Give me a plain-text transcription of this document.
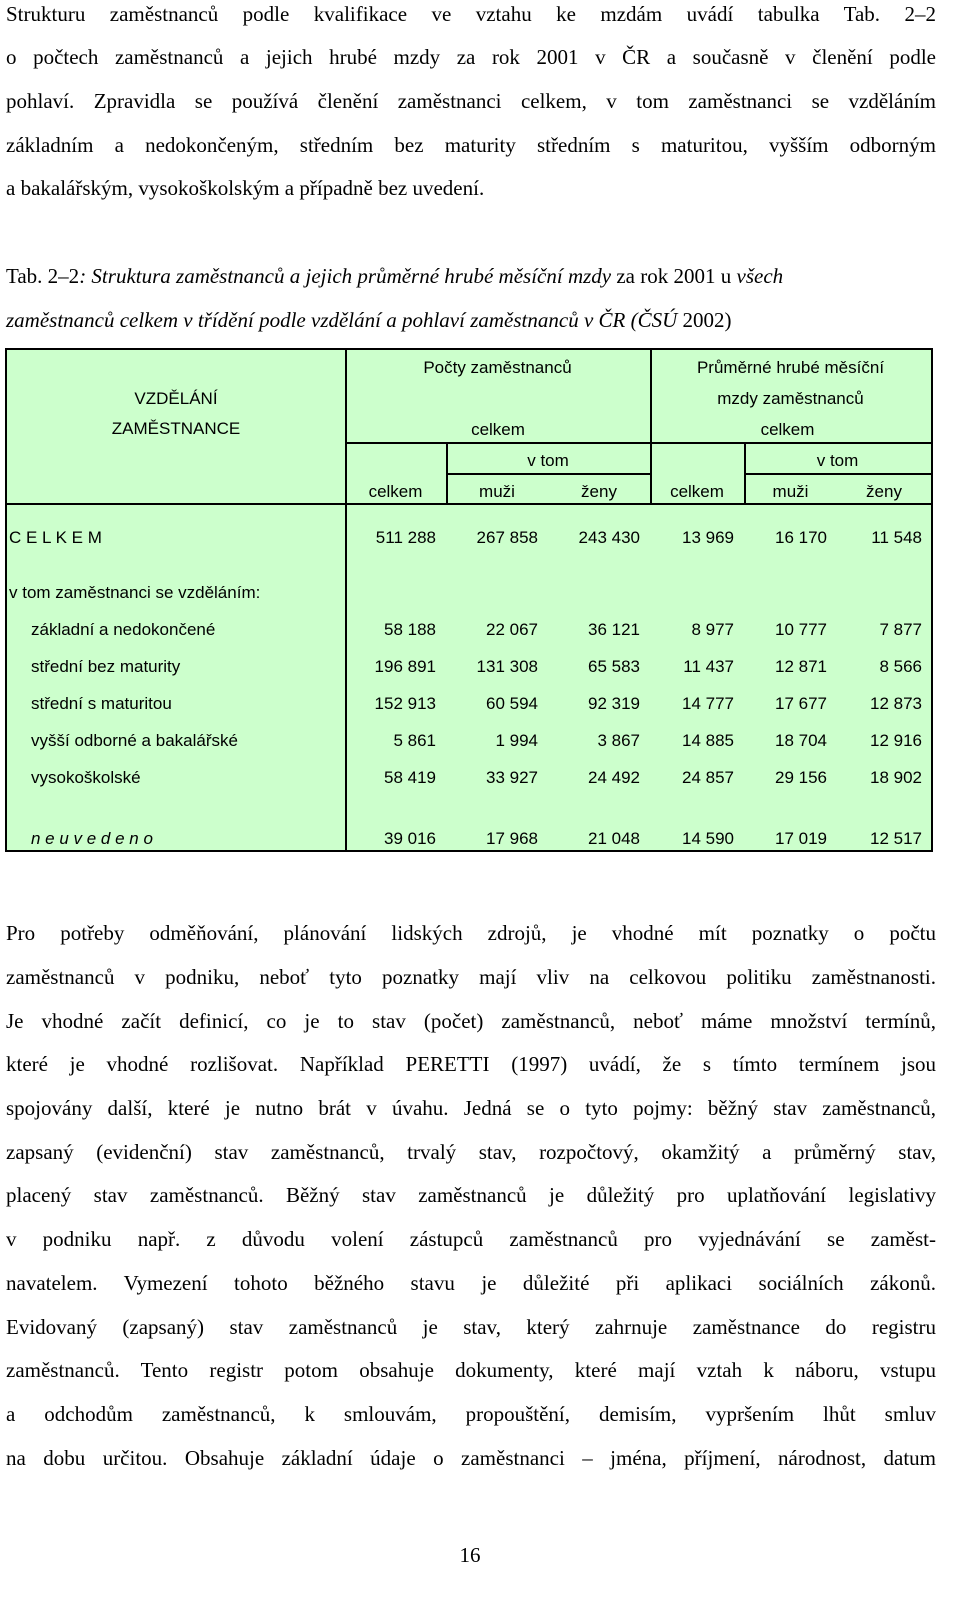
Strukturu zaměstnanců podle kvalifikace ve vztahu ke mzdám uvádí tabulka Tab. 2–2
o počtech zaměstnanců a jejich hrubé mzdy za rok 2001 v ČR a současně v členění podle
pohlaví. Zpravidla se používá členění zaměstnanci celkem, v tom zaměstnanci se vzděláním
základním a nedokončeným, středním bez maturity středním s maturitou, vyšším odborným
a bakalářským, vysokoškolským a případně bez uvedení.
Tab. 2–2: Struktura zaměstnanců a jejich průměrné hrubé měsíční mzdy za rok 2001 u všech
zaměstnanců celkem v třídění podle vzdělání a pohlaví zaměstnanců v ČR (ČSÚ 2002)
VZDĚLÁNÍ
ZAMĚSTNANCE
Počty zaměstnanců	Průměrné hrubé měsíční
mzdy zaměstnanců
celkem	celkem
v tom	v tom
celkem	muži	ženy	celkem	muži	ženy
C E L K E M	511 288	267 858	243 430	13 969	16 170	11 548
v tom zaměstnanci se vzděláním:
základní a nedokončené	58 188	22 067	36 121	8 977	10 777	7 877
střední bez maturity	196 891	131 308	65 583	11 437	12 871	8 566
střední s maturitou	152 913	60 594	92 319	14 777	17 677	12 873
vyšší odborné a bakalářské	5 861	1 994	3 867	14 885	18 704	12 916
vysokoškolské	58 419	33 927	24 492	24 857	29 156	18 902
n e u v e d e n o	39 016	17 968	21 048	14 590	17 019	12 517
Pro potřeby odměňování, plánování lidských zdrojů, je vhodné mít poznatky o počtu
zaměstnanců v podniku, neboť tyto poznatky mají vliv na celkovou politiku zaměstnanosti.
Je vhodné začít definicí, co je to stav (počet) zaměstnanců, neboť máme množství termínů,
které je vhodné rozlišovat. Například PERETTI (1997) uvádí, že s tímto termínem jsou
spojovány další, které je nutno brát v úvahu. Jedná se o tyto pojmy: běžný stav zaměstnanců,
zapsaný (evidenční) stav zaměstnanců, trvalý stav, rozpočtový, okamžitý a průměrný stav,
placený stav zaměstnanců. Běžný stav zaměstnanců je důležitý pro uplatňování legislativy
v podniku např. z důvodu volení zástupců zaměstnanců pro vyjednávání se zaměst-
navatelem. Vymezení tohoto běžného stavu je důležité při aplikaci sociálních zákonů.
Evidovaný (zapsaný) stav zaměstnanců je stav, který zahrnuje zaměstnance do registru
zaměstnanců. Tento registr potom obsahuje dokumenty, které mají vztah k náboru, vstupu
a odchodům zaměstnanců, k smlouvám, propouštění, demisím, vypršením lhůt smluv
na dobu určitou. Obsahuje základní údaje o zaměstnanci – jména, příjmení, národnost, datum
16
